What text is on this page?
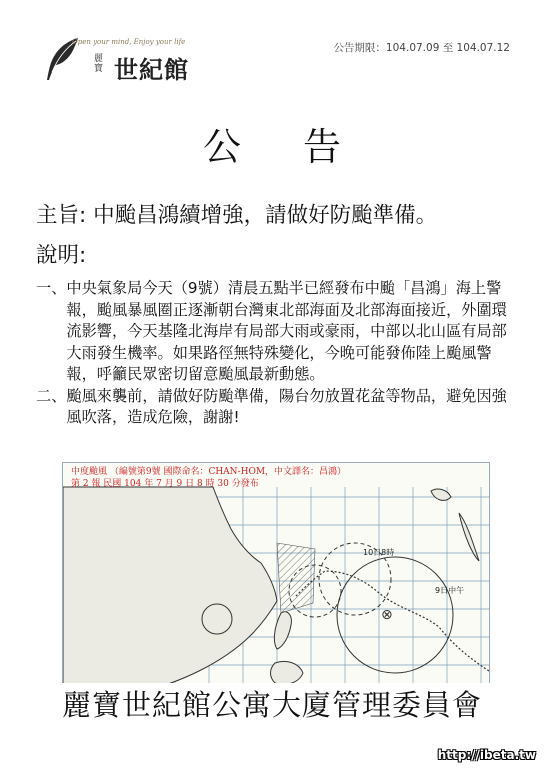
Open your mind, Enjoy your life
麗寶 世紀館
公告期限：104.07.09 至 104.07.12
公告
主旨: 中颱昌鴻續增強，請做好防颱準備。
說明:
一、 中央氣象局今天（9號）清晨五點半已經發布中颱「昌鴻」海上警報，颱風暴風圈正逐漸朝台灣東北部海面及北部海面接近，外圍環流影響，今天基隆北海岸有局部大雨或豪雨，中部以北山區有局部大雨發生機率。如果路徑無特殊變化，今晚可能發佈陸上颱風警報，呼籲民眾密切留意颱風最新動態。
二、 颱風來襲前，請做好防颱準備，陽台勿放置花盆等物品，避免因強風吹落，造成危險，謝謝!
⊗
中度颱風 （編號第9號 國際命名：CHAN-HOM，中文譯名：昌鴻）
第 2 報 民國 104 年 7 月 9 日 8 時 30 分發布
10日8時
9日中午
麗寶世紀館公寓大廈管理委員會
http://ibeta.tw
